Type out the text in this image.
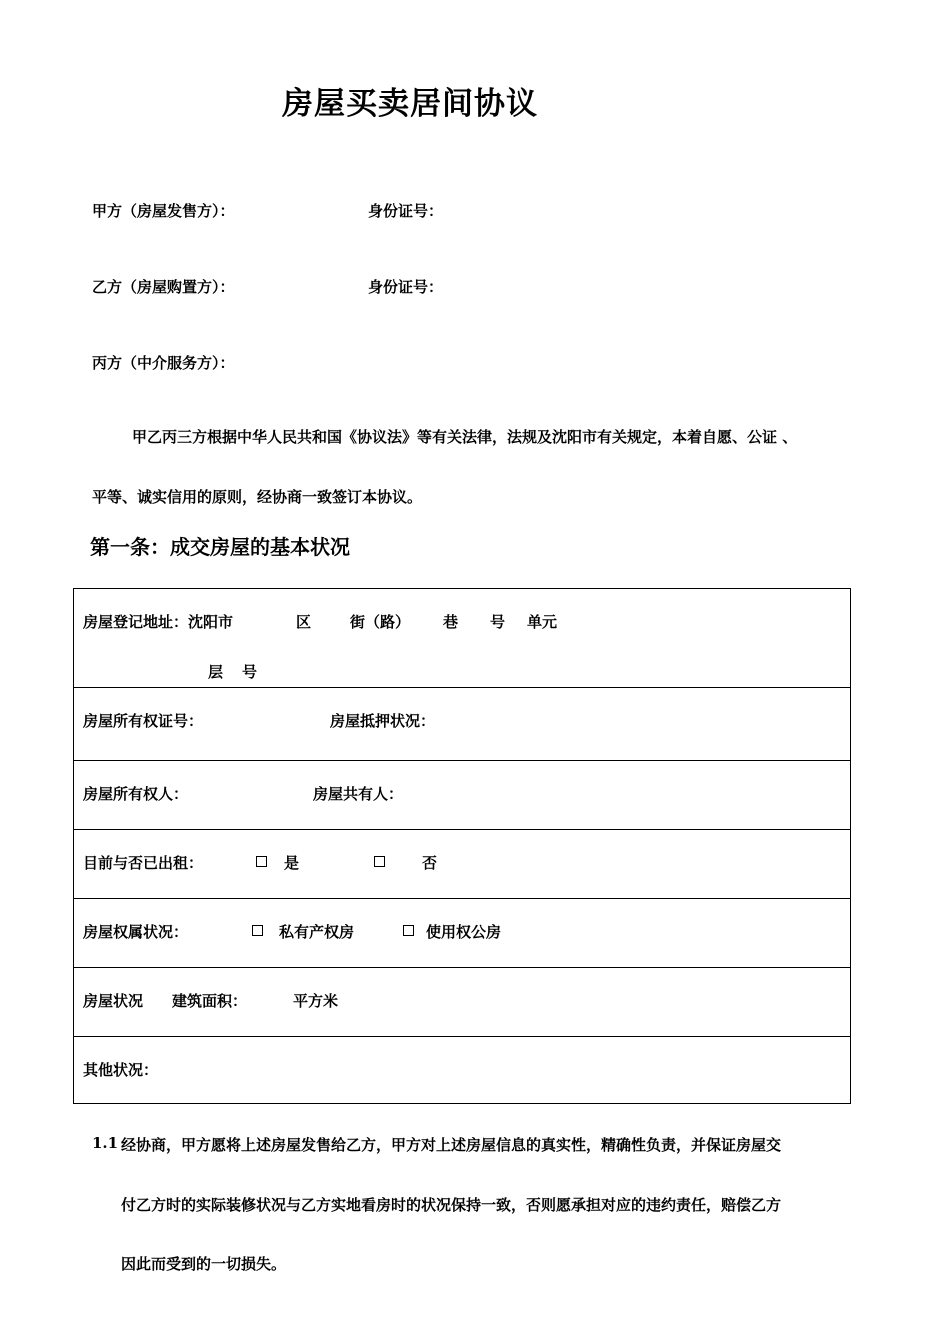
房屋买卖居间协议
甲方（房屋发售方）：	身份证号：
乙方（房屋购置方）：	身份证号：
丙方（中介服务方）：
甲乙丙三方根据中华人民共和国《协议法》等有关法律，法规及沈阳市有关规定，本着自愿、公证 、
平等、诚实信用的原则，经协商一致签订本协议。
第一条：成交房屋的基本状况
房屋登记地址：沈阳市	区	街（路） 巷 号 单元
层 号
房屋所有权证号：	房屋抵押状况：
房屋所有权人：	房屋共有人：
目前与否已出租：	是	否
房屋权属状况：	私有产权房	使用权公房
房屋状况 建筑面积：	平方米
其他状况：
1.1 经协商，甲方愿将上述房屋发售给乙方，甲方对上述房屋信息的真实性，精确性负责，并保证房屋交
付乙方时的实际装修状况与乙方实地看房时的状况保持一致，否则愿承担对应的违约责任，赔偿乙方
因此而受到的一切损失。
